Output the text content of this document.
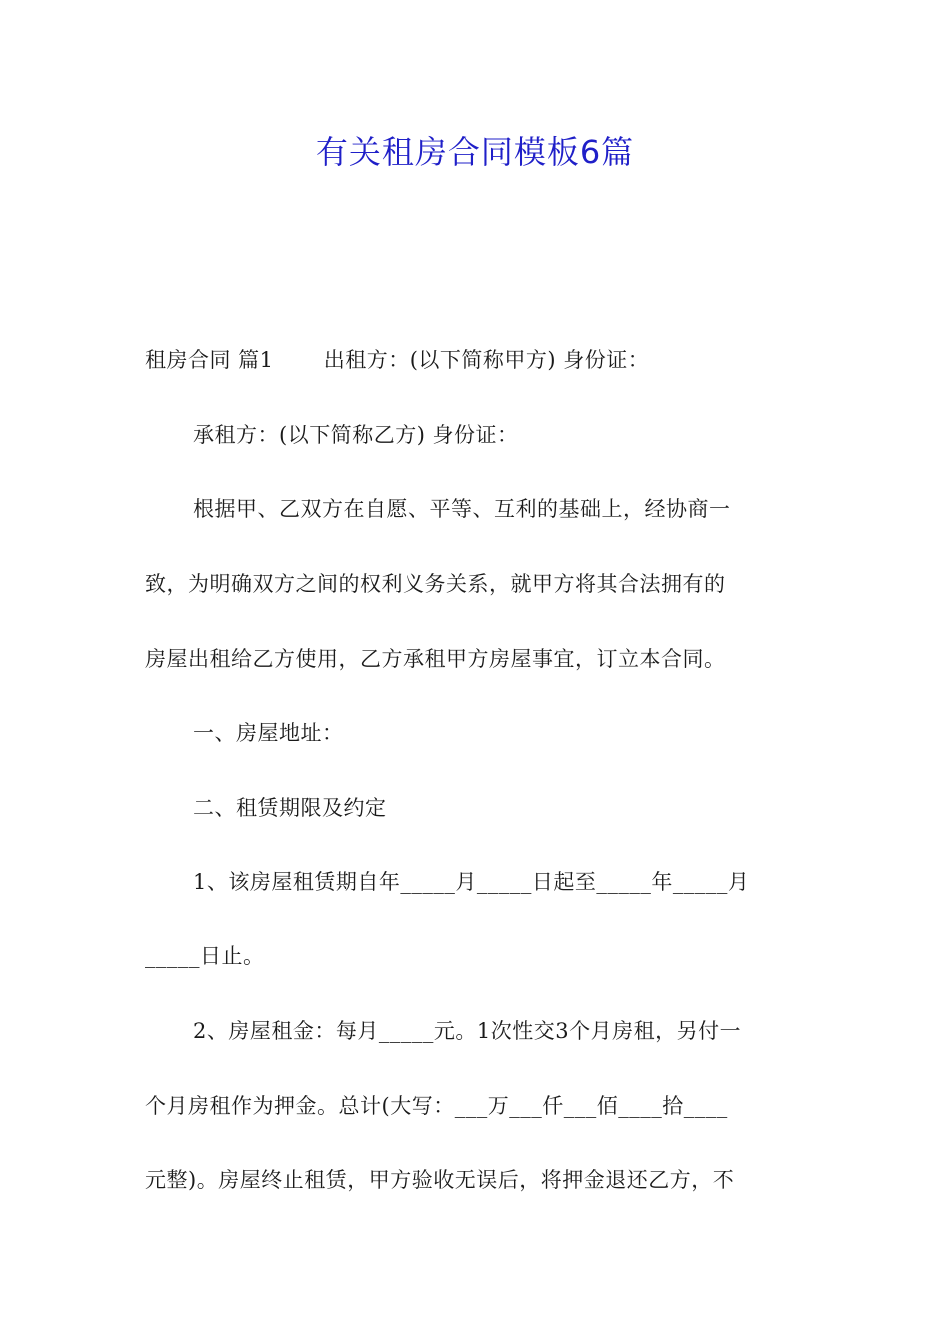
有关租房合同模板6篇
租房合同 篇1　　 出租方：(以下简称甲方) 身份证：
承租方：(以下简称乙方) 身份证：
根据甲、乙双方在自愿、平等、互利的基础上，经协商一
致，为明确双方之间的权利义务关系，就甲方将其合法拥有的
房屋出租给乙方使用，乙方承租甲方房屋事宜，订立本合同。
一、房屋地址：
二、租赁期限及约定
1、该房屋租赁期自年_____月_____日起至_____年_____月
_____日止。
2、房屋租金：每月_____元。1次性交3个月房租，另付一
个月房租作为押金。总计(大写：___万___仟___佰____拾____
元整)。房屋终止租赁，甲方验收无误后，将押金退还乙方，不
